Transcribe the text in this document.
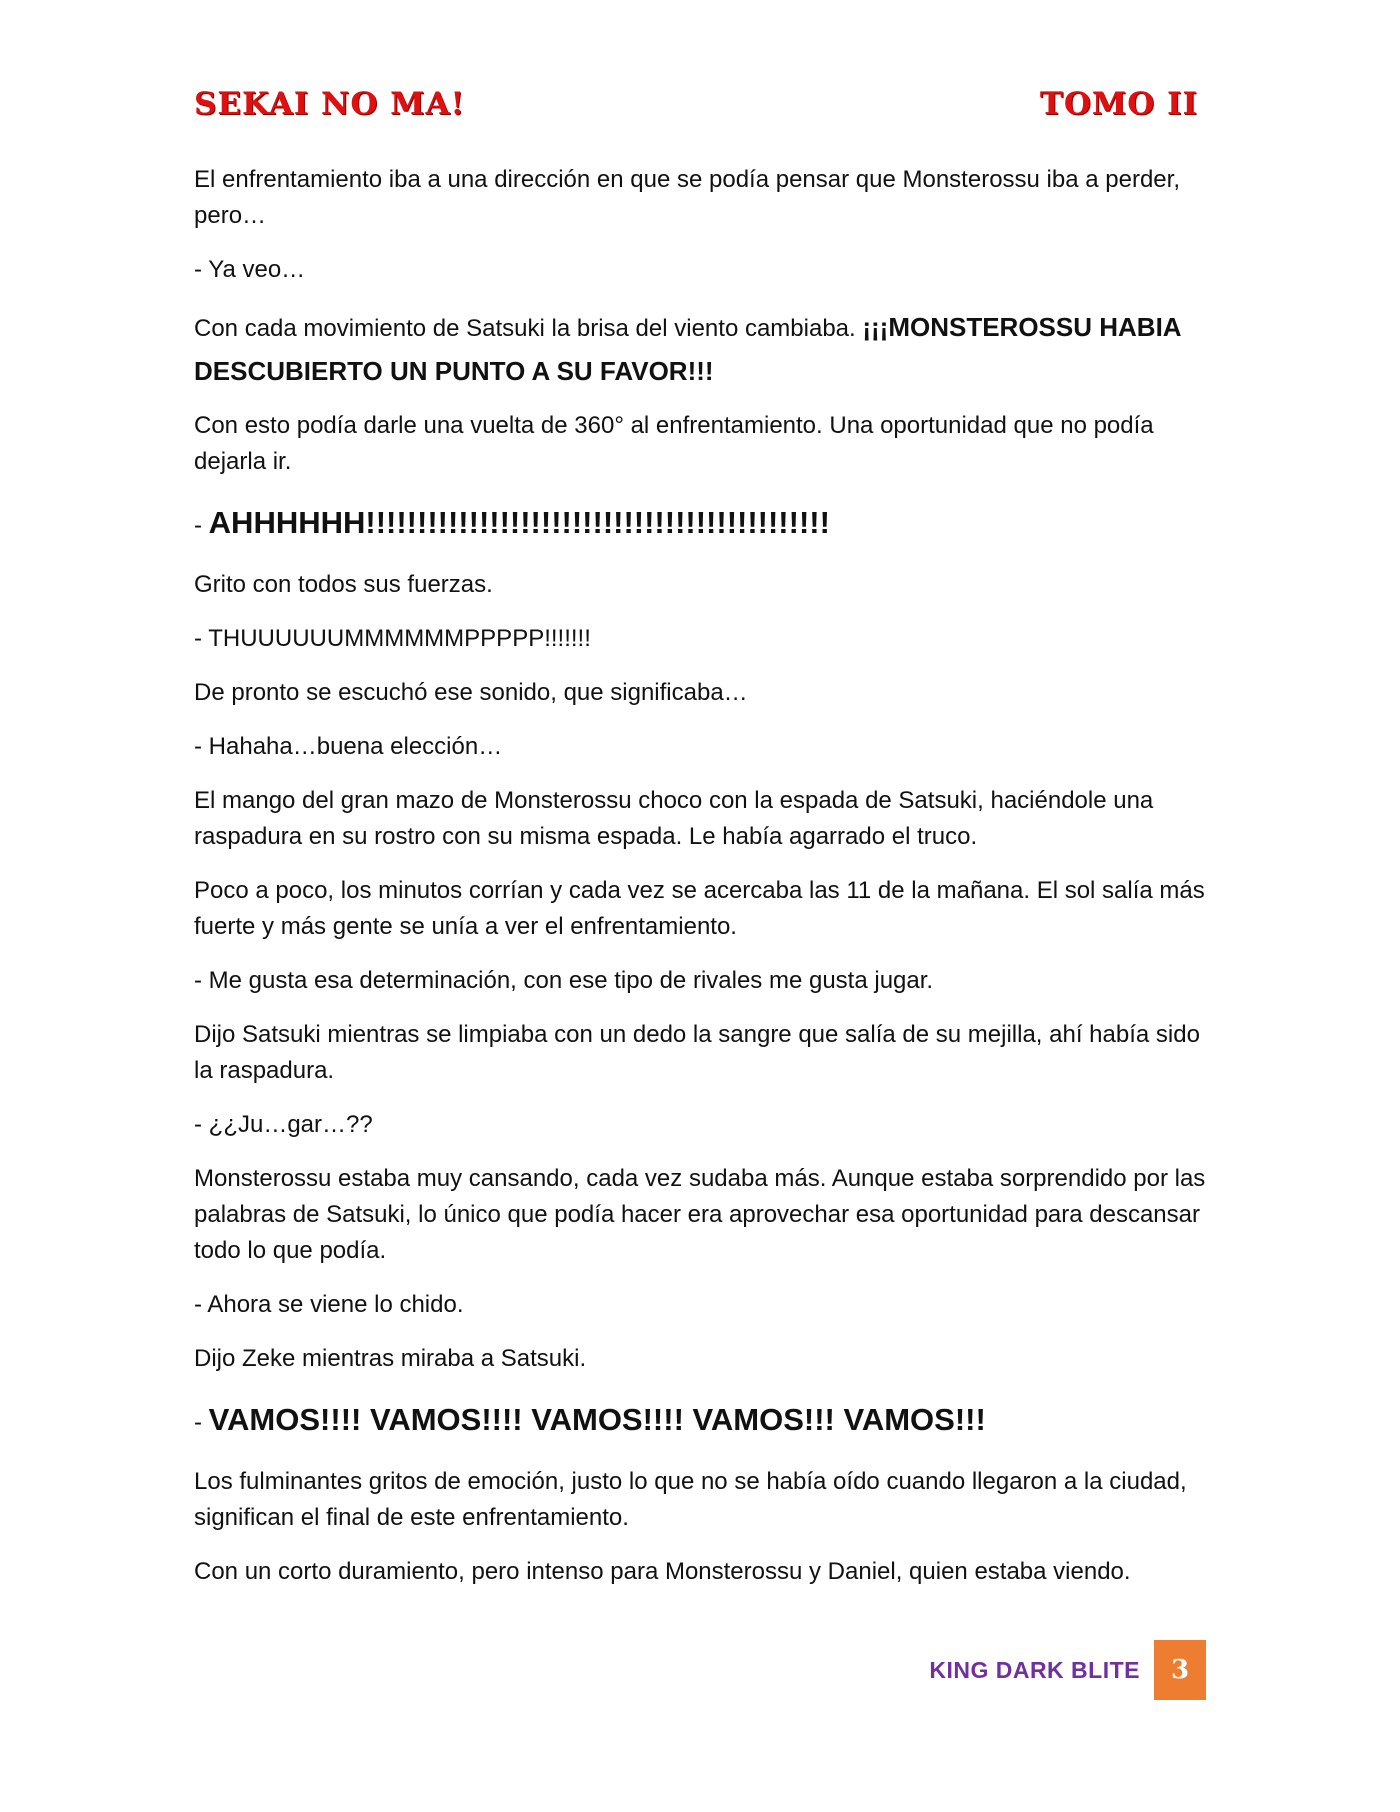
SEKAI NO MA!	TOMO II

El enfrentamiento iba a una dirección en que se podía pensar que Monsterossu iba a perder, pero…

- Ya veo…

Con cada movimiento de Satsuki la brisa del viento cambiaba. ¡¡¡MONSTEROSSU HABIA DESCUBIERTO UN PUNTO A SU FAVOR!!!

Con esto podía darle una vuelta de 360° al enfrentamiento. Una oportunidad que no podía dejarla ir.

- AHHHHHH!!!!!!!!!!!!!!!!!!!!!!!!!!!!!!!!!!!!!!!!!!!!!

Grito con todos sus fuerzas.

- THUUUUUUMMMMMMPPPPP!!!!!!!

De pronto se escuchó ese sonido, que significaba…

- Hahaha…buena elección…

El mango del gran mazo de Monsterossu choco con la espada de Satsuki, haciéndole una raspadura en su rostro con su misma espada. Le había agarrado el truco.

Poco a poco, los minutos corrían y cada vez se acercaba las 11 de la mañana. El sol salía más fuerte y más gente se unía a ver el enfrentamiento.

- Me gusta esa determinación, con ese tipo de rivales me gusta jugar.

Dijo Satsuki mientras se limpiaba con un dedo la sangre que salía de su mejilla, ahí había sido la raspadura.

- ¿¿Ju…gar…??

Monsterossu estaba muy cansando, cada vez sudaba más. Aunque estaba sorprendido por las palabras de Satsuki, lo único que podía hacer era aprovechar esa oportunidad para descansar todo lo que podía.

- Ahora se viene lo chido.

Dijo Zeke mientras miraba a Satsuki.

- VAMOS!!!! VAMOS!!!! VAMOS!!!! VAMOS!!! VAMOS!!!

Los fulminantes gritos de emoción, justo lo que no se había oído cuando llegaron a la ciudad, significan el final de este enfrentamiento.

Con un corto duramiento, pero intenso para Monsterossu y Daniel, quien estaba viendo.

KING DARK BLITE	3
